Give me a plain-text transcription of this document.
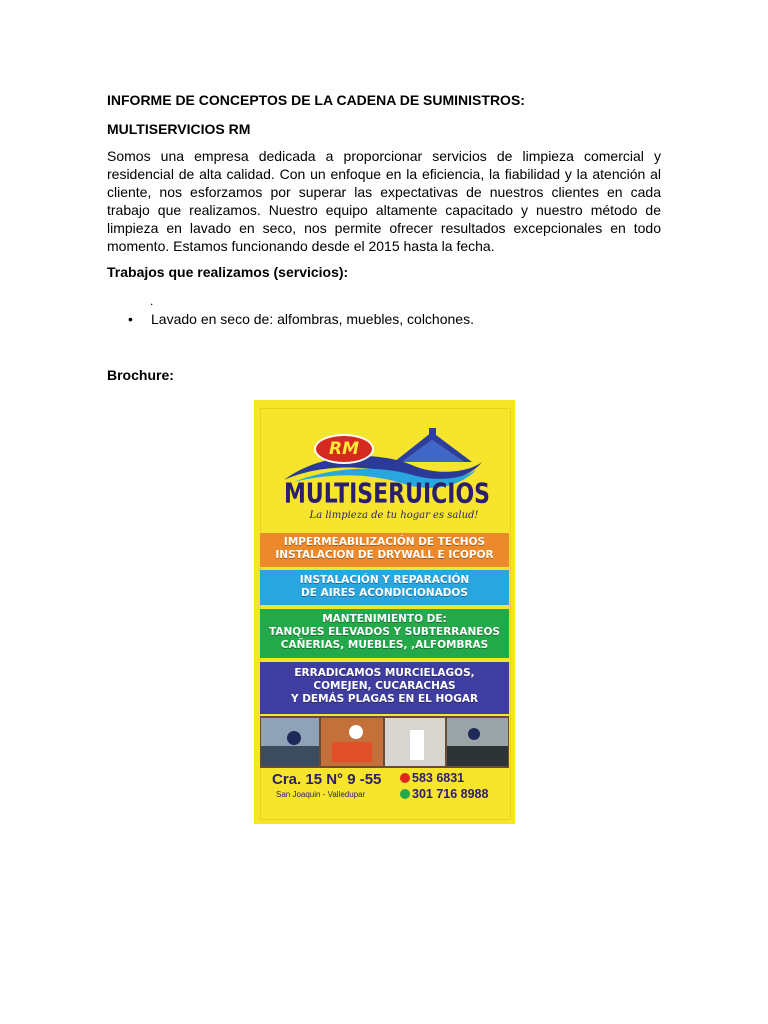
INFORME DE CONCEPTOS DE LA CADENA DE SUMINISTROS:
MULTISERVICIOS RM
Somos una empresa dedicada a proporcionar servicios de limpieza comercial y residencial de alta calidad. Con un enfoque en la eficiencia, la fiabilidad y la atención al cliente, nos esforzamos por superar las expectativas de nuestros clientes en cada trabajo que realizamos. Nuestro equipo altamente capacitado y nuestro método de limpieza en lavado en seco, nos permite ofrecer resultados excepcionales en todo momento. Estamos funcionando desde el 2015 hasta la fecha.
Trabajos que realizamos (servicios):
.
• Lavado en seco de: alfombras, muebles, colchones.
Brochure:
RM
MULTISERUICIOS
La limpieza de tu hogar es salud!
IMPERMEABILIZACIÓN DE TECHOS
INSTALACION DE DRYWALL E ICOPOR
INSTALACIÓN Y REPARACIÓN
DE AIRES ACONDICIONADOS
MANTENIMIENTO DE:
TANQUES ELEVADOS Y SUBTERRANEOS
CAÑERIAS, MUEBLES, ,ALFOMBRAS
ERRADICAMOS MURCIELAGOS,
COMEJEN, CUCARACHAS
Y DEMÁS PLAGAS EN EL HOGAR
Cra. 15 N° 9 -55
San Joaquin - Valledupar
583 6831
301 716 8988
